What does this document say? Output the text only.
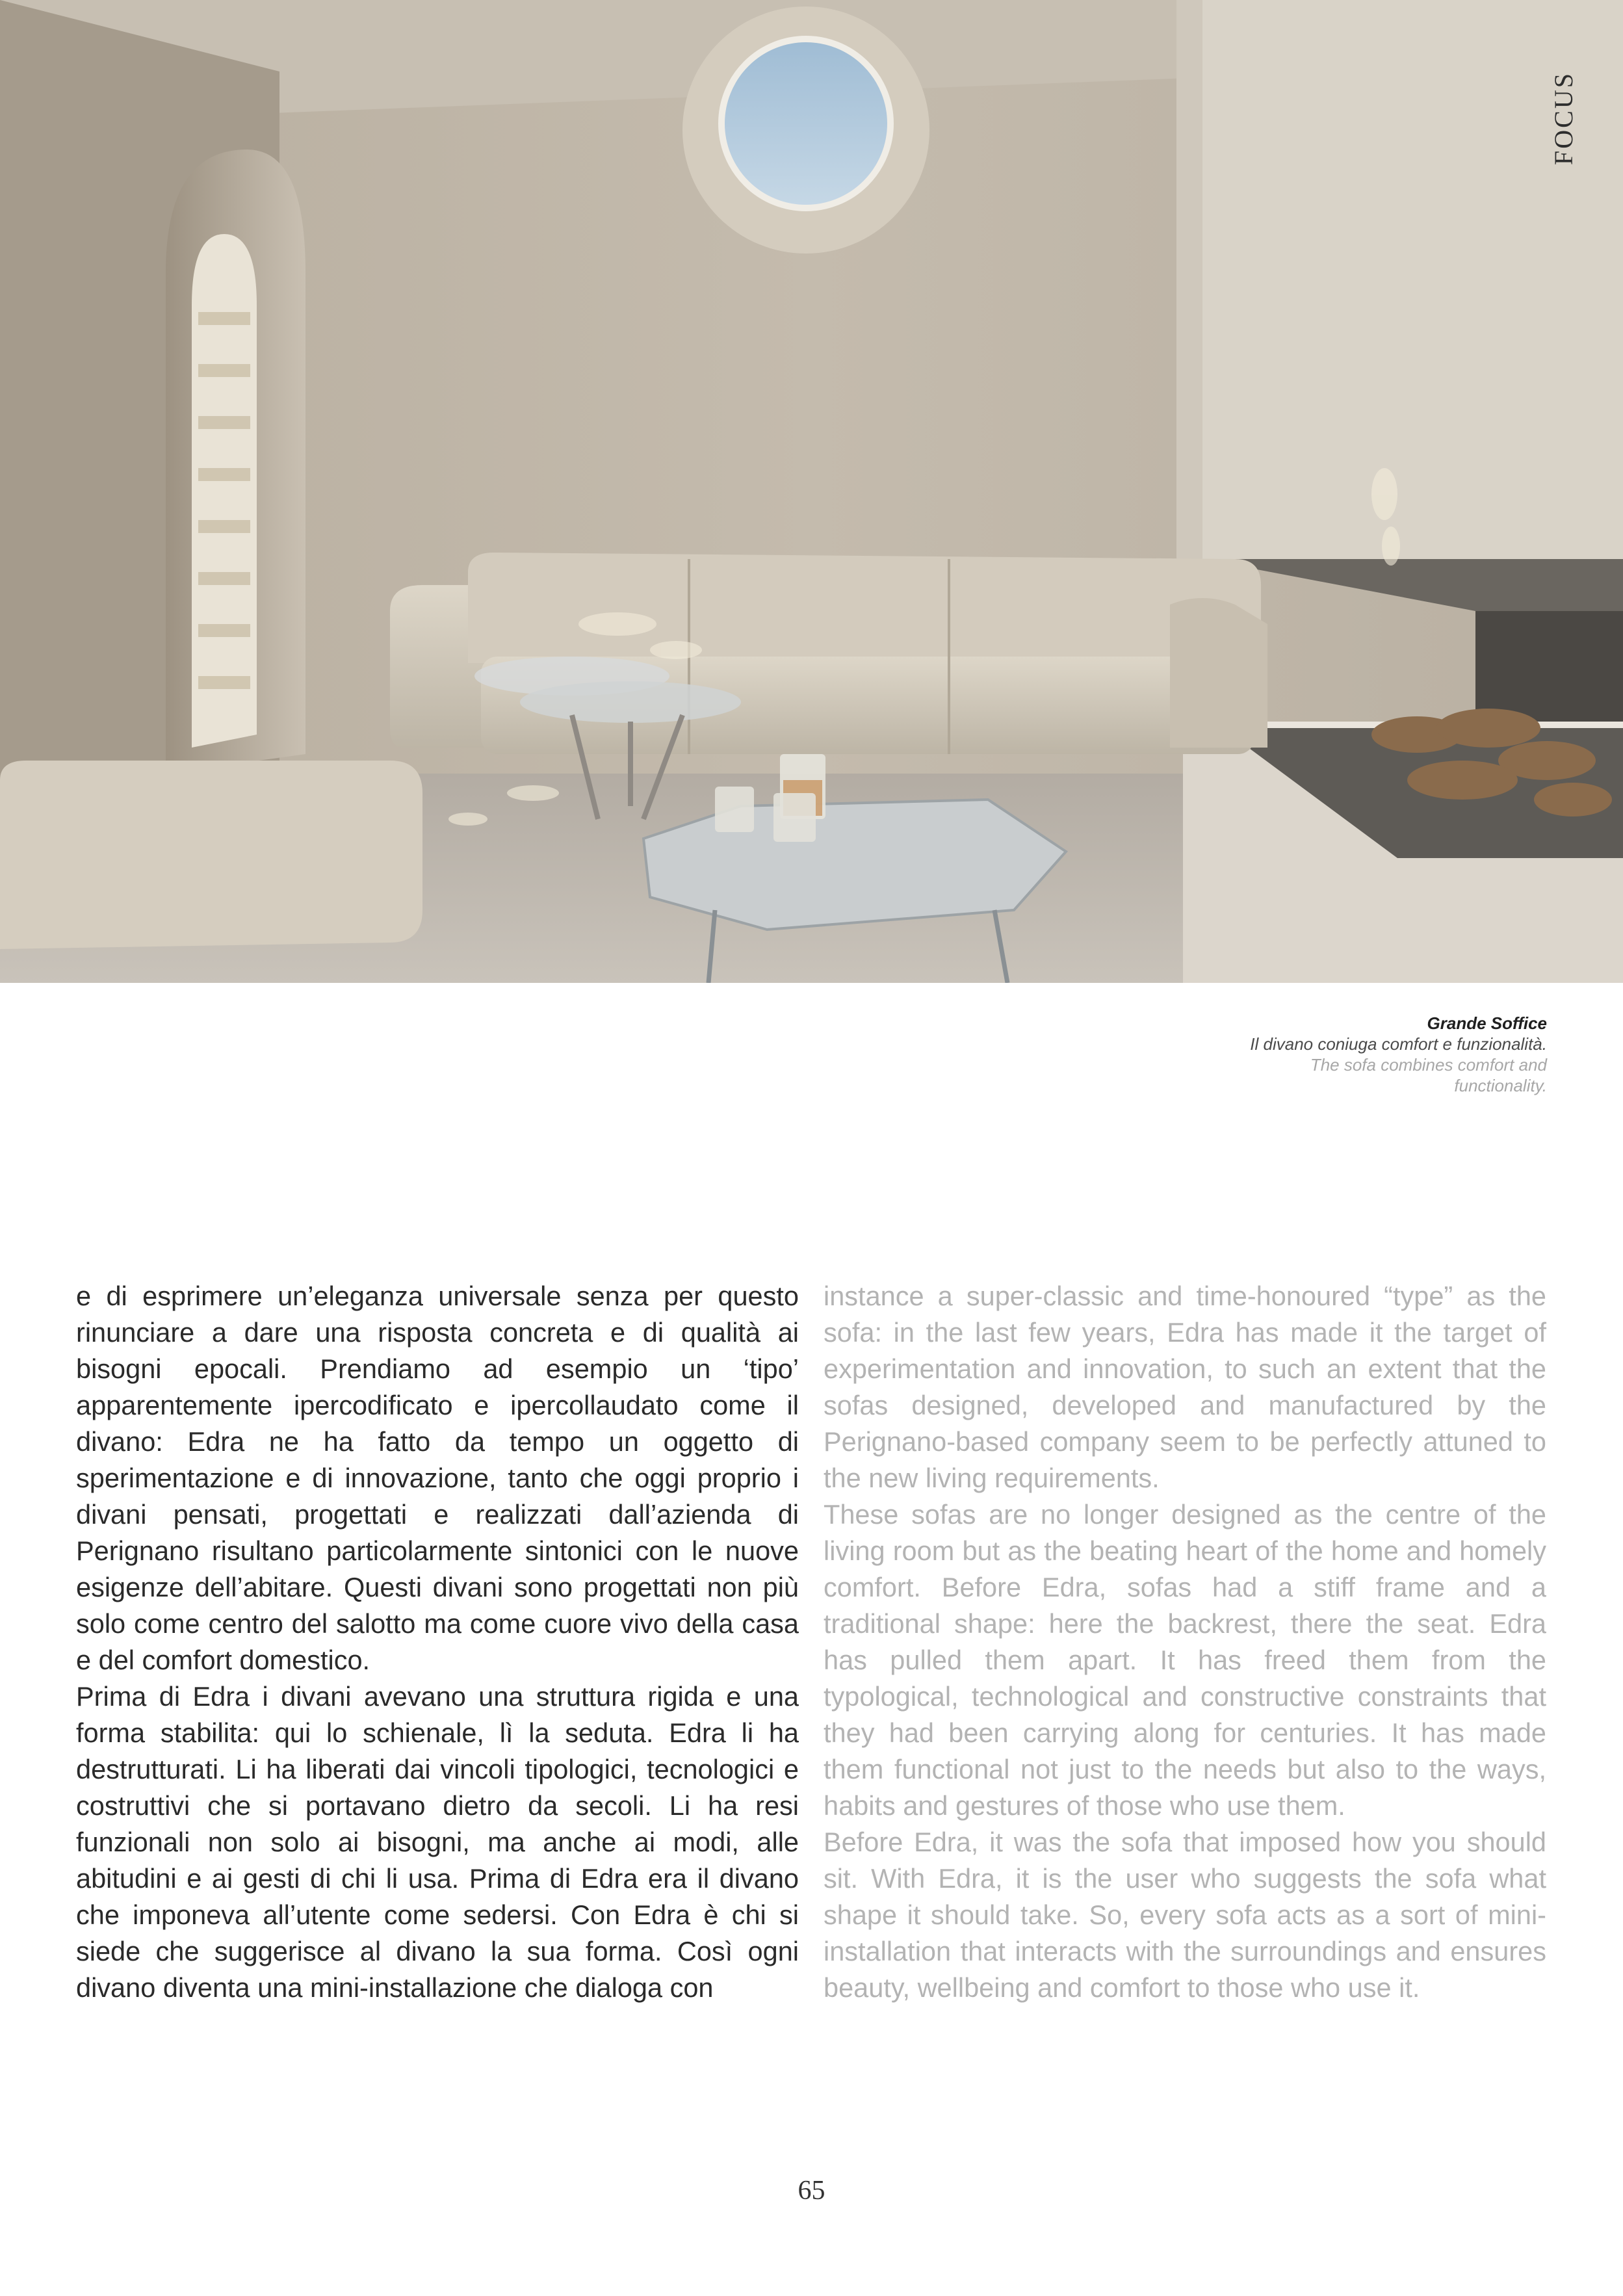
FOCUS
Grande Soffice
Il divano coniuga comfort e funzionalità.
The sofa combines comfort and functionality.

e di esprimere un’eleganza universale senza per questo rinunciare a dare una risposta concreta e di qualità ai bisogni epocali. Prendiamo ad esempio un ‘tipo’ apparentemente ipercodificato e ipercollaudato come il divano: Edra ne ha fatto da tempo un oggetto di sperimentazione e di innovazione, tanto che oggi proprio i divani pensati, progettati e realizzati dall’azienda di Perignano risultano particolarmente sintonici con le nuove esigenze dell’abitare. Questi divani sono progettati non più solo come centro del salotto ma come cuore vivo della casa e del comfort domestico.

Prima di Edra i divani avevano una struttura rigida e una forma stabilita: qui lo schienale, lì la seduta. Edra li ha destrutturati. Li ha liberati dai vincoli tipologici, tecnologici e costruttivi che si portavano dietro da secoli. Li ha resi funzionali non solo ai bisogni, ma anche ai modi, alle abitudini e ai gesti di chi li usa. Prima di Edra era il divano che imponeva all’utente come sedersi. Con Edra è chi si siede che suggerisce al divano la sua forma. Così ogni divano diventa una mini-installazione che dialoga con

instance a super-classic and time-honoured “type” as the sofa: in the last few years, Edra has made it the target of experimentation and innovation, to such an extent that the sofas designed, developed and manufactured by the Perignano-based company seem to be perfectly attuned to the new living requirements.

These sofas are no longer designed as the centre of the living room but as the beating heart of the home and homely comfort. Before Edra, sofas had a stiff frame and a traditional shape: here the backrest, there the seat. Edra has pulled them apart. It has freed them from the typological, technological and constructive constraints that they had been carrying along for centuries. It has made them functional not just to the needs but also to the ways, habits and gestures of those who use them.

Before Edra, it was the sofa that imposed how you should sit. With Edra, it is the user who suggests the sofa what shape it should take. So, every sofa acts as a sort of mini-installation that interacts with the surroundings and ensures beauty, wellbeing and comfort to those who use it.

65
